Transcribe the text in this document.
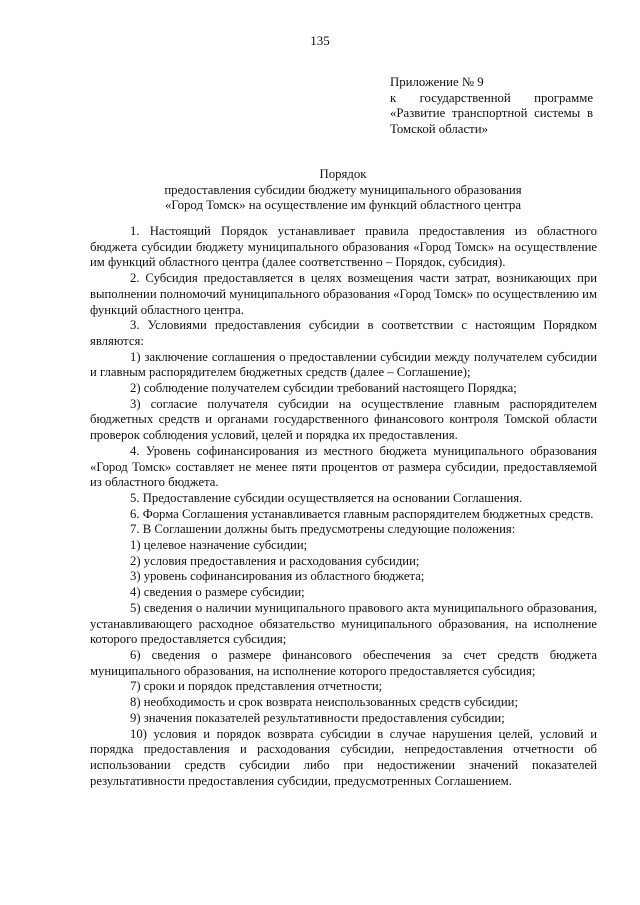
135
Приложение № 9
к государственной программе
«Развитие транспортной системы в
Томской области»
Порядок
предоставления субсидии бюджету муниципального образования
«Город Томск» на осуществление им функций областного центра

1. Настоящий Порядок устанавливает правила предоставления из областного бюджета субсидии бюджету муниципального образования «Город Томск» на осуществление им функций областного центра (далее соответственно – Порядок, субсидия).

2. Субсидия предоставляется в целях возмещения части затрат, возникающих при выполнении полномочий муниципального образования «Город Томск» по осуществлению им функций областного центра.

3. Условиями предоставления субсидии в соответствии с настоящим Порядком являются:

1) заключение соглашения о предоставлении субсидии между получателем субсидии и главным распорядителем бюджетных средств (далее – Соглашение);

2) соблюдение получателем субсидии требований настоящего Порядка;

3) согласие получателя субсидии на осуществление главным распорядителем бюджетных средств и органами государственного финансового контроля Томской области проверок соблюдения условий, целей и порядка их предоставления.

4. Уровень софинансирования из местного бюджета муниципального образования «Город Томск» составляет не менее пяти процентов от размера субсидии, предоставляемой из областного бюджета.

5. Предоставление субсидии осуществляется на основании Соглашения.

6. Форма Соглашения устанавливается главным распорядителем бюджетных средств.

7. В Соглашении должны быть предусмотрены следующие положения:

1) целевое назначение субсидии;

2) условия предоставления и расходования субсидии;

3) уровень софинансирования из областного бюджета;

4) сведения о размере субсидии;

5) сведения о наличии муниципального правового акта муниципального образования, устанавливающего расходное обязательство муниципального образования, на исполнение которого предоставляется субсидия;

6) сведения о размере финансового обеспечения за счет средств бюджета муниципального образования, на исполнение которого предоставляется субсидия;

7) сроки и порядок представления отчетности;

8) необходимость и срок возврата неиспользованных средств субсидии;

9) значения показателей результативности предоставления субсидии;

10) условия и порядок возврата субсидии в случае нарушения целей, условий и порядка предоставления и расходования субсидии, непредоставления отчетности об использовании средств субсидии либо при недостижении значений показателей результативности предоставления субсидии, предусмотренных Соглашением.
